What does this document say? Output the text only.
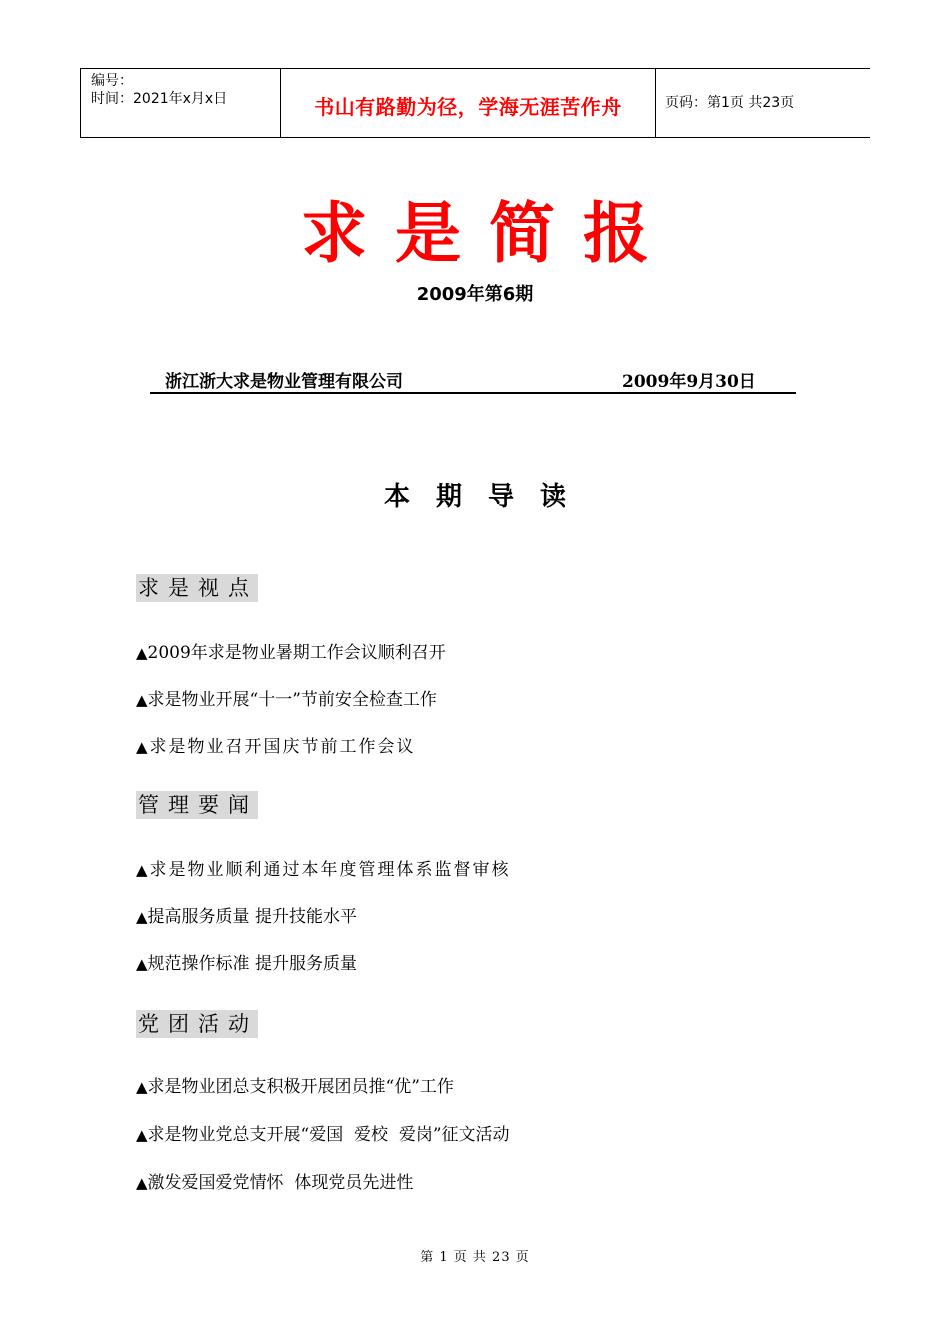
编号：
时间：2021年x月x日	书山有路勤为径，学海无涯苦作舟	页码：第1页 共23页
求是简报
2009年第6期
浙江浙大求是物业管理有限公司	2009年9月30日
本期导读
求是视点
▲2009年求是物业暑期工作会议顺利召开
▲求是物业开展“十一”节前安全检查工作
▲求是物业召开国庆节前工作会议
管理要闻
▲求是物业顺利通过本年度管理体系监督审核
▲提高服务质量 提升技能水平
▲规范操作标准 提升服务质量
党团活动
▲求是物业团总支积极开展团员推“优”工作
▲求是物业党总支开展“爱国  爱校  爱岗”征文活动
▲激发爱国爱党情怀  体现党员先进性
第 1 页 共 23 页
